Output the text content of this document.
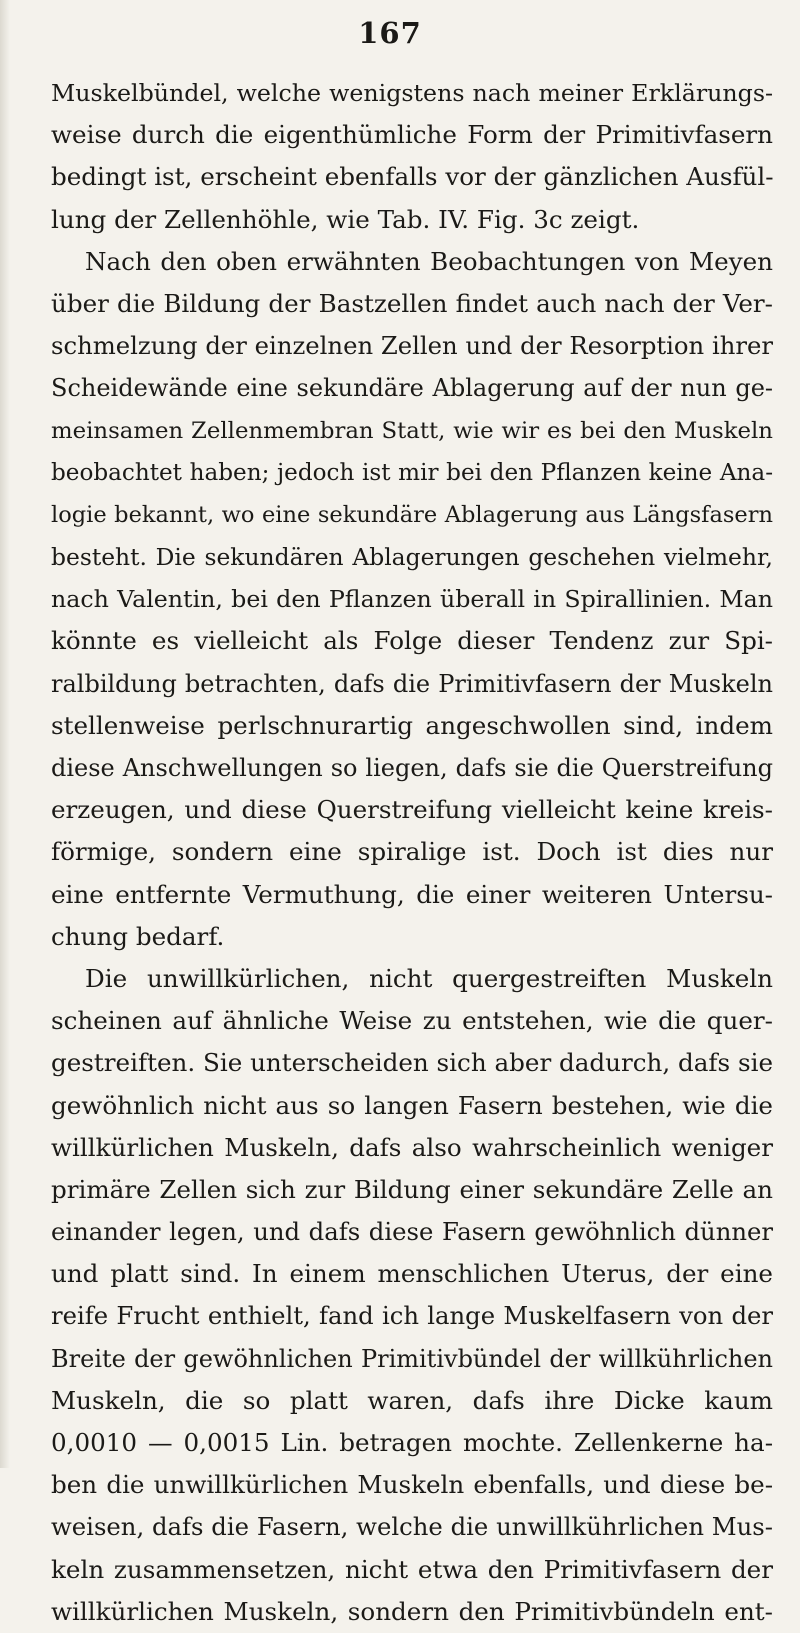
167
Muskelbündel, welche wenigstens nach meiner Erklärungs-
weise durch die eigenthümliche Form der Primitivfasern
bedingt ist, erscheint ebenfalls vor der gänzlichen Ausfül-
lung der Zellenhöhle, wie Tab. IV. Fig. 3c zeigt.
Nach den oben erwähnten Beobachtungen von Meyen
über die Bildung der Bastzellen findet auch nach der Ver-
schmelzung der einzelnen Zellen und der Resorption ihrer
Scheidewände eine sekundäre Ablagerung auf der nun ge-
meinsamen Zellenmembran Statt, wie wir es bei den Muskeln
beobachtet haben; jedoch ist mir bei den Pflanzen keine Ana-
logie bekannt, wo eine sekundäre Ablagerung aus Längsfasern
besteht. Die sekundären Ablagerungen geschehen vielmehr,
nach Valentin, bei den Pflanzen überall in Spirallinien. Man
könnte es vielleicht als Folge dieser Tendenz zur Spi-
ralbildung betrachten, dafs die Primitivfasern der Muskeln
stellenweise perlschnurartig angeschwollen sind, indem
diese Anschwellungen so liegen, dafs sie die Querstreifung
erzeugen, und diese Querstreifung vielleicht keine kreis-
förmige, sondern eine spiralige ist. Doch ist dies nur
eine entfernte Vermuthung, die einer weiteren Untersu-
chung bedarf.
Die unwillkürlichen, nicht quergestreiften Muskeln
scheinen auf ähnliche Weise zu entstehen, wie die quer-
gestreiften. Sie unterscheiden sich aber dadurch, dafs sie
gewöhnlich nicht aus so langen Fasern bestehen, wie die
willkürlichen Muskeln, dafs also wahrscheinlich weniger
primäre Zellen sich zur Bildung einer sekundäre Zelle an
einander legen, und dafs diese Fasern gewöhnlich dünner
und platt sind. In einem menschlichen Uterus, der eine
reife Frucht enthielt, fand ich lange Muskelfasern von der
Breite der gewöhnlichen Primitivbündel der willkührlichen
Muskeln, die so platt waren, dafs ihre Dicke kaum
0,0010 — 0,0015 Lin. betragen mochte. Zellenkerne ha-
ben die unwillkürlichen Muskeln ebenfalls, und diese be-
weisen, dafs die Fasern, welche die unwillkührlichen Mus-
keln zusammensetzen, nicht etwa den Primitivfasern der
willkürlichen Muskeln, sondern den Primitivbündeln ent-
